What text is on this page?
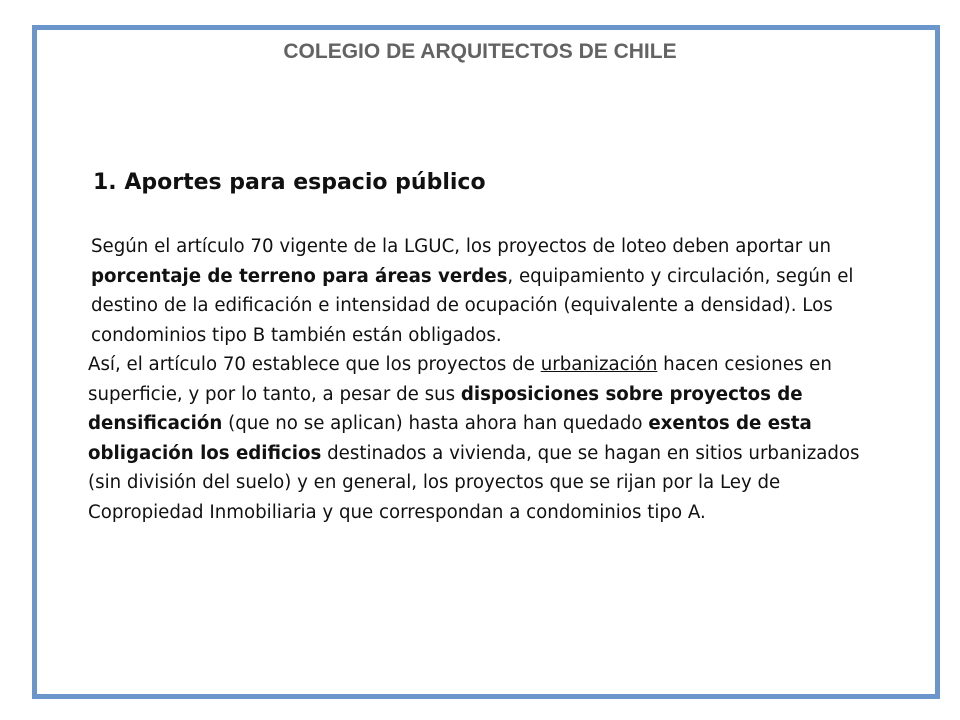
COLEGIO DE ARQUITECTOS DE CHILE
1. Aportes para espacio público

Según el artículo 70 vigente de la LGUC, los proyectos de loteo deben aportar un porcentaje de terreno para áreas verdes, equipamiento y circulación, según el destino de la edificación e intensidad de ocupación (equivalente a densidad). Los condominios tipo B también están obligados.

Así, el artículo 70 establece que los proyectos de urbanización hacen cesiones en superficie, y por lo tanto, a pesar de sus disposiciones sobre proyectos de densificación (que no se aplican) hasta ahora han quedado exentos de esta obligación los edificios destinados a vivienda, que se hagan en sitios urbanizados (sin división del suelo) y en general, los proyectos que se rijan por la Ley de Copropiedad Inmobiliaria y que correspondan a condominios tipo A.
